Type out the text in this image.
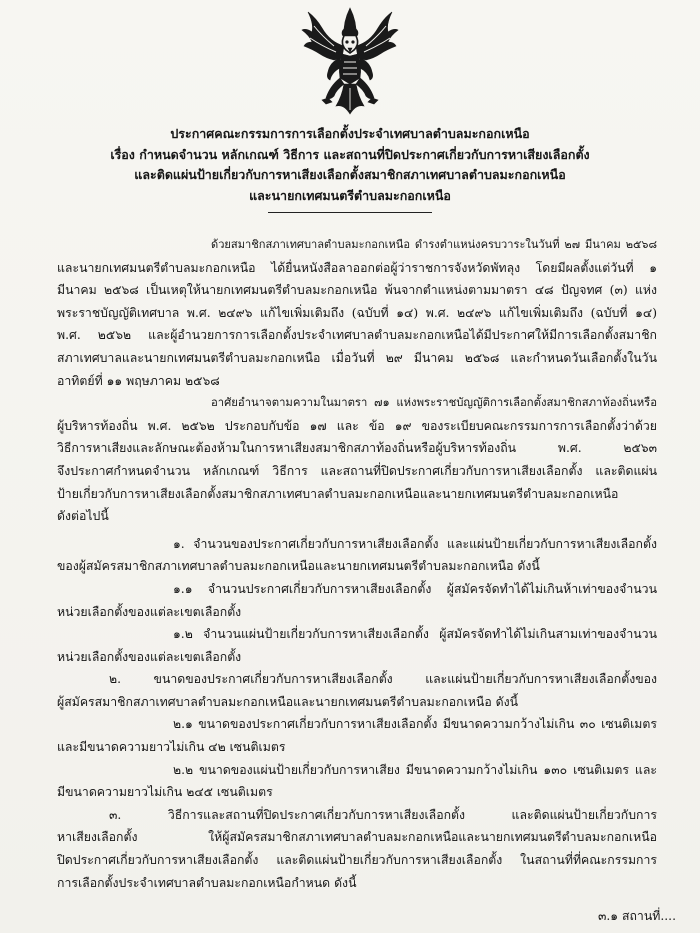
ประกาศคณะกรรมการการเลือกตั้งประจำเทศบาลตำบลมะกอกเหนือ
เรื่อง กำหนดจำนวน หลักเกณฑ์ วิธีการ และสถานที่ปิดประกาศเกี่ยวกับการหาเสียงเลือกตั้ง
และติดแผ่นป้ายเกี่ยวกับการหาเสียงเลือกตั้งสมาชิกสภาเทศบาลตำบลมะกอกเหนือ
และนายกเทศมนตรีตำบลมะกอกเหนือ
ด้วยสมาชิกสภาเทศบาลตำบลมะกอกเหนือ ดำรงตำแหน่งครบวาระในวันที่ ๒๗ มีนาคม ๒๕๖๘
และนายกเทศมนตรีตำบลมะกอกเหนือ ได้ยื่นหนังสือลาออกต่อผู้ว่าราชการจังหวัดพัทลุง โดยมีผลตั้งแต่วันที่ ๑
มีนาคม ๒๕๖๘ เป็นเหตุให้นายกเทศมนตรีตำบลมะกอกเหนือ พ้นจากตำแหน่งตามมาตรา ๔๘ ปัญจทศ (๓) แห่ง
พระราชบัญญัติเทศบาล พ.ศ. ๒๔๙๖ แก้ไขเพิ่มเติมถึง (ฉบับที่ ๑๔) พ.ศ. ๒๔๙๖ แก้ไขเพิ่มเติมถึง (ฉบับที่ ๑๔)
พ.ศ. ๒๕๖๒ และผู้อำนวยการการเลือกตั้งประจำเทศบาลตำบลมะกอกเหนือได้มีประกาศให้มีการเลือกตั้งสมาชิก
สภาเทศบาลและนายกเทศมนตรีตำบลมะกอกเหนือ เมื่อวันที่ ๒๙ มีนาคม ๒๕๖๘ และกำหนดวันเลือกตั้งในวัน
อาทิตย์ที่ ๑๑ พฤษภาคม ๒๕๖๘
อาศัยอำนาจตามความในมาตรา ๗๑ แห่งพระราชบัญญัติการเลือกตั้งสมาชิกสภาท้องถิ่นหรือ
ผู้บริหารท้องถิ่น พ.ศ. ๒๕๖๒ ประกอบกับข้อ ๑๗ และ ข้อ ๑๙ ของระเบียบคณะกรรมการการเลือกตั้งว่าด้วย
วิธีการหาเสียงและลักษณะต้องห้ามในการหาเสียงสมาชิกสภาท้องถิ่นหรือผู้บริหารท้องถิ่น พ.ศ. ๒๕๖๓
จึงประกาศกำหนดจำนวน หลักเกณฑ์ วิธีการ และสถานที่ปิดประกาศเกี่ยวกับการหาเสียงเลือกตั้ง และติดแผ่น
ป้ายเกี่ยวกับการหาเสียงเลือกตั้งสมาชิกสภาเทศบาลตำบลมะกอกเหนือและนายกเทศมนตรีตำบลมะกอกเหนือ
ดังต่อไปนี้
๑. จำนวนของประกาศเกี่ยวกับการหาเสียงเลือกตั้ง และแผ่นป้ายเกี่ยวกับการหาเสียงเลือกตั้ง
ของผู้สมัครสมาชิกสภาเทศบาลตำบลมะกอกเหนือและนายกเทศมนตรีตำบลมะกอกเหนือ ดังนี้
๑.๑ จำนวนประกาศเกี่ยวกับการหาเสียงเลือกตั้ง ผู้สมัครจัดทำได้ไม่เกินห้าเท่าของจำนวน
หน่วยเลือกตั้งของแต่ละเขตเลือกตั้ง
๑.๒ จำนวนแผ่นป้ายเกี่ยวกับการหาเสียงเลือกตั้ง ผู้สมัครจัดทำได้ไม่เกินสามเท่าของจำนวน
หน่วยเลือกตั้งของแต่ละเขตเลือกตั้ง
๒. ขนาดของประกาศเกี่ยวกับการหาเสียงเลือกตั้ง และแผ่นป้ายเกี่ยวกับการหาเสียงเลือกตั้งของ
ผู้สมัครสมาชิกสภาเทศบาลตำบลมะกอกเหนือและนายกเทศมนตรีตำบลมะกอกเหนือ ดังนี้
๒.๑ ขนาดของประกาศเกี่ยวกับการหาเสียงเลือกตั้ง มีขนาดความกว้างไม่เกิน ๓๐ เซนติเมตร
และมีขนาดความยาวไม่เกิน ๔๒ เซนติเมตร
๒.๒ ขนาดของแผ่นป้ายเกี่ยวกับการหาเสียง มีขนาดความกว้างไม่เกิน ๑๓๐ เซนติเมตร และ
มีขนาดความยาวไม่เกิน ๒๔๕ เซนติเมตร
๓. วิธีการและสถานที่ปิดประกาศเกี่ยวกับการหาเสียงเลือกตั้ง และติดแผ่นป้ายเกี่ยวกับการ
หาเสียงเลือกตั้ง ให้ผู้สมัครสมาชิกสภาเทศบาลตำบลมะกอกเหนือและนายกเทศมนตรีตำบลมะกอกเหนือ
ปิดประกาศเกี่ยวกับการหาเสียงเลือกตั้ง และติดแผ่นป้ายเกี่ยวกับการหาเสียงเลือกตั้ง ในสถานที่ที่คณะกรรมการ
การเลือกตั้งประจำเทศบาลตำบลมะกอกเหนือกำหนด ดังนี้
๓.๑ สถานที่....
